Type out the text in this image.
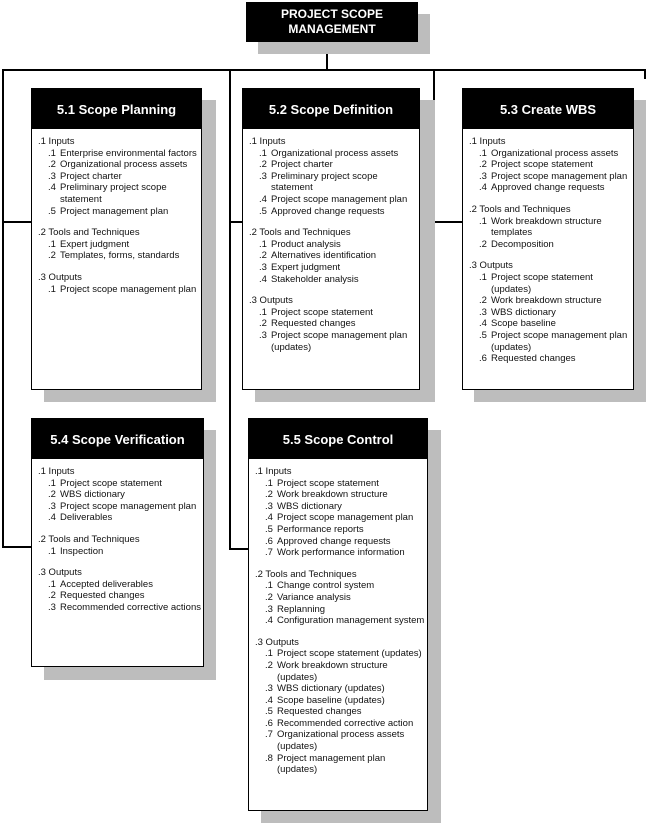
PROJECT SCOPE
MANAGEMENT
5.1 Scope Planning
.1 Inputs
.1 Enterprise environmental factors
.2 Organizational process assets
.3 Project charter
.4 Preliminary project scope statement
.5 Project management plan
.2 Tools and Techniques
.1 Expert judgment
.2 Templates, forms, standards
.3 Outputs
.1 Project scope management plan
5.2 Scope Definition
.1 Inputs
.1 Organizational process assets
.2 Project charter
.3 Preliminary project scope statement
.4 Project scope management plan
.5 Approved change requests
.2 Tools and Techniques
.1 Product analysis
.2 Alternatives identification
.3 Expert judgment
.4 Stakeholder analysis
.3 Outputs
.1 Project scope statement
.2 Requested changes
.3 Project scope management plan (updates)
5.3 Create WBS
.1 Inputs
.1 Organizational process assets
.2 Project scope statement
.3 Project scope management plan
.4 Approved change requests
.2 Tools and Techniques
.1 Work breakdown structure templates
.2 Decomposition
.3 Outputs
.1 Project scope statement (updates)
.2 Work breakdown structure
.3 WBS dictionary
.4 Scope baseline
.5 Project scope management plan (updates)
.6 Requested changes
5.4 Scope Verification
.1 Inputs
.1 Project scope statement
.2 WBS dictionary
.3 Project scope management plan
.4 Deliverables
.2 Tools and Techniques
.1 Inspection
.3 Outputs
.1 Accepted deliverables
.2 Requested changes
.3 Recommended corrective actions
5.5 Scope Control
.1 Inputs
.1 Project scope statement
.2 Work breakdown structure
.3 WBS dictionary
.4 Project scope management plan
.5 Performance reports
.6 Approved change requests
.7 Work performance information
.2 Tools and Techniques
.1 Change control system
.2 Variance analysis
.3 Replanning
.4 Configuration management system
.3 Outputs
.1 Project scope statement (updates)
.2 Work breakdown structure (updates)
.3 WBS dictionary (updates)
.4 Scope baseline (updates)
.5 Requested changes
.6 Recommended corrective action
.7 Organizational process assets (updates)
.8 Project management plan (updates)
